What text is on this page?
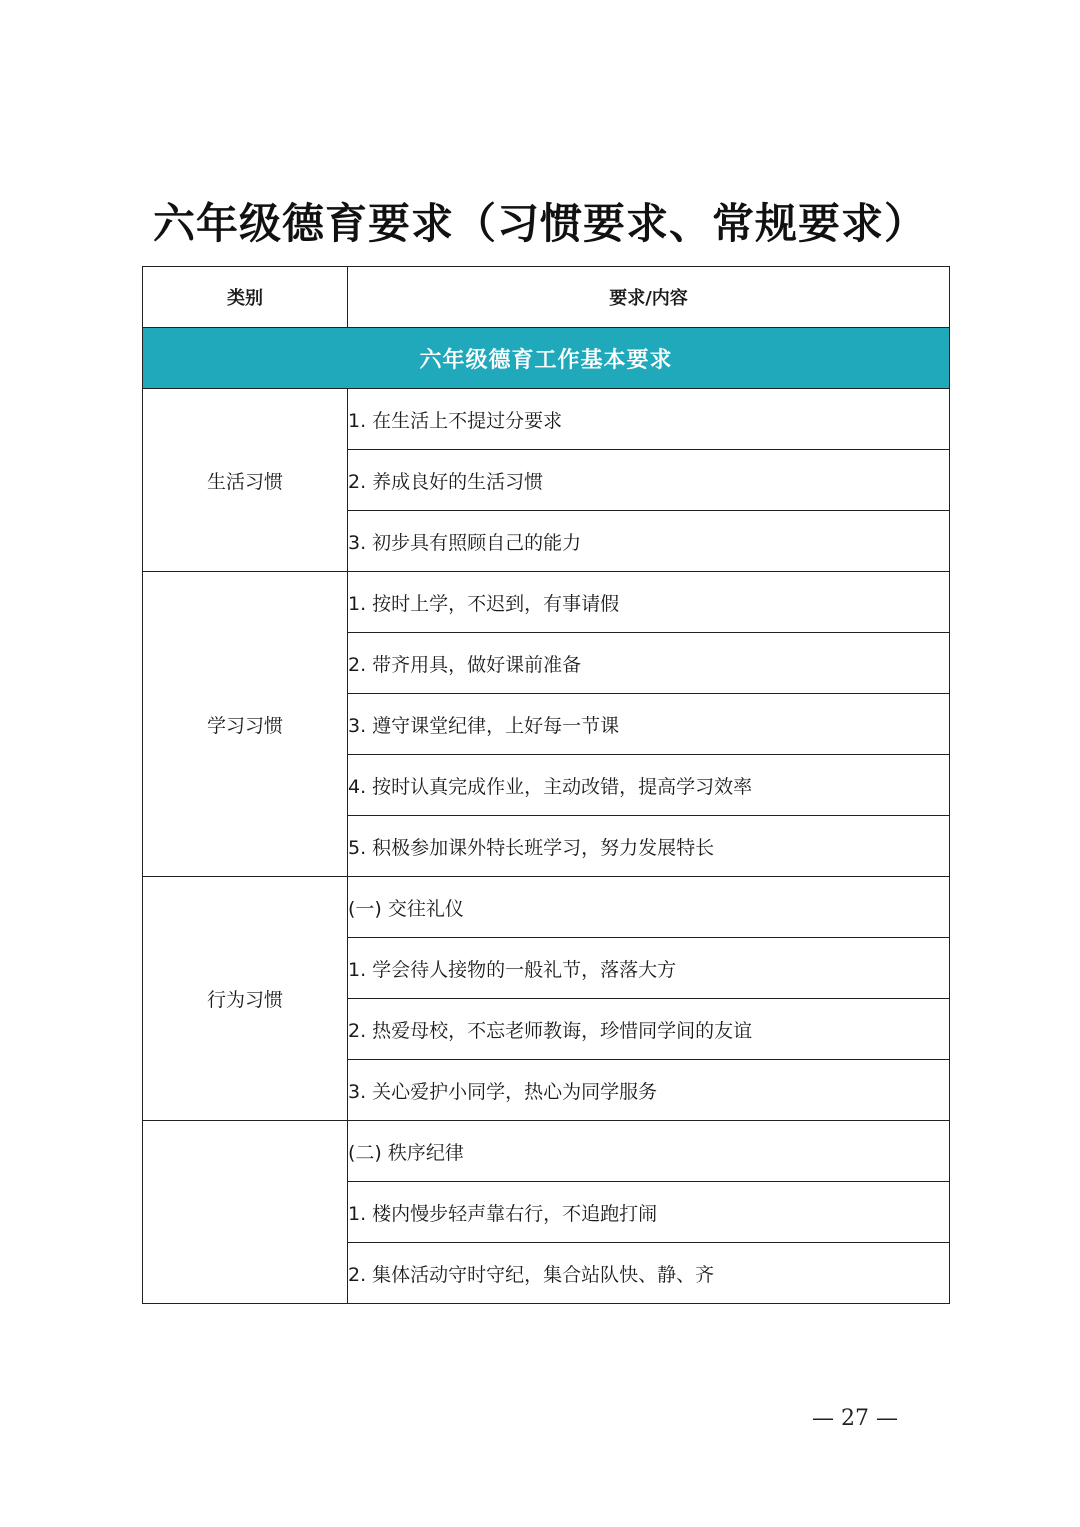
六年级德育要求（习惯要求、常规要求）
类别	要求/内容
六年级德育工作基本要求	
生活习惯	1. 在生活上不提过分要求
	2. 养成良好的生活习惯
	3. 初步具有照顾自己的能力
学习习惯	1. 按时上学，不迟到，有事请假
	2. 带齐用具，做好课前准备
	3. 遵守课堂纪律，上好每一节课
	4. 按时认真完成作业，主动改错，提高学习效率
	5. 积极参加课外特长班学习，努力发展特长
行为习惯	(一) 交往礼仪
	1. 学会待人接物的一般礼节，落落大方
	2. 热爱母校，不忘老师教诲，珍惜同学间的友谊
	3. 关心爱护小同学，热心为同学服务
	(二) 秩序纪律
	1. 楼内慢步轻声靠右行，不追跑打闹
	2. 集体活动守时守纪，集合站队快、静、齐
— 27 —
